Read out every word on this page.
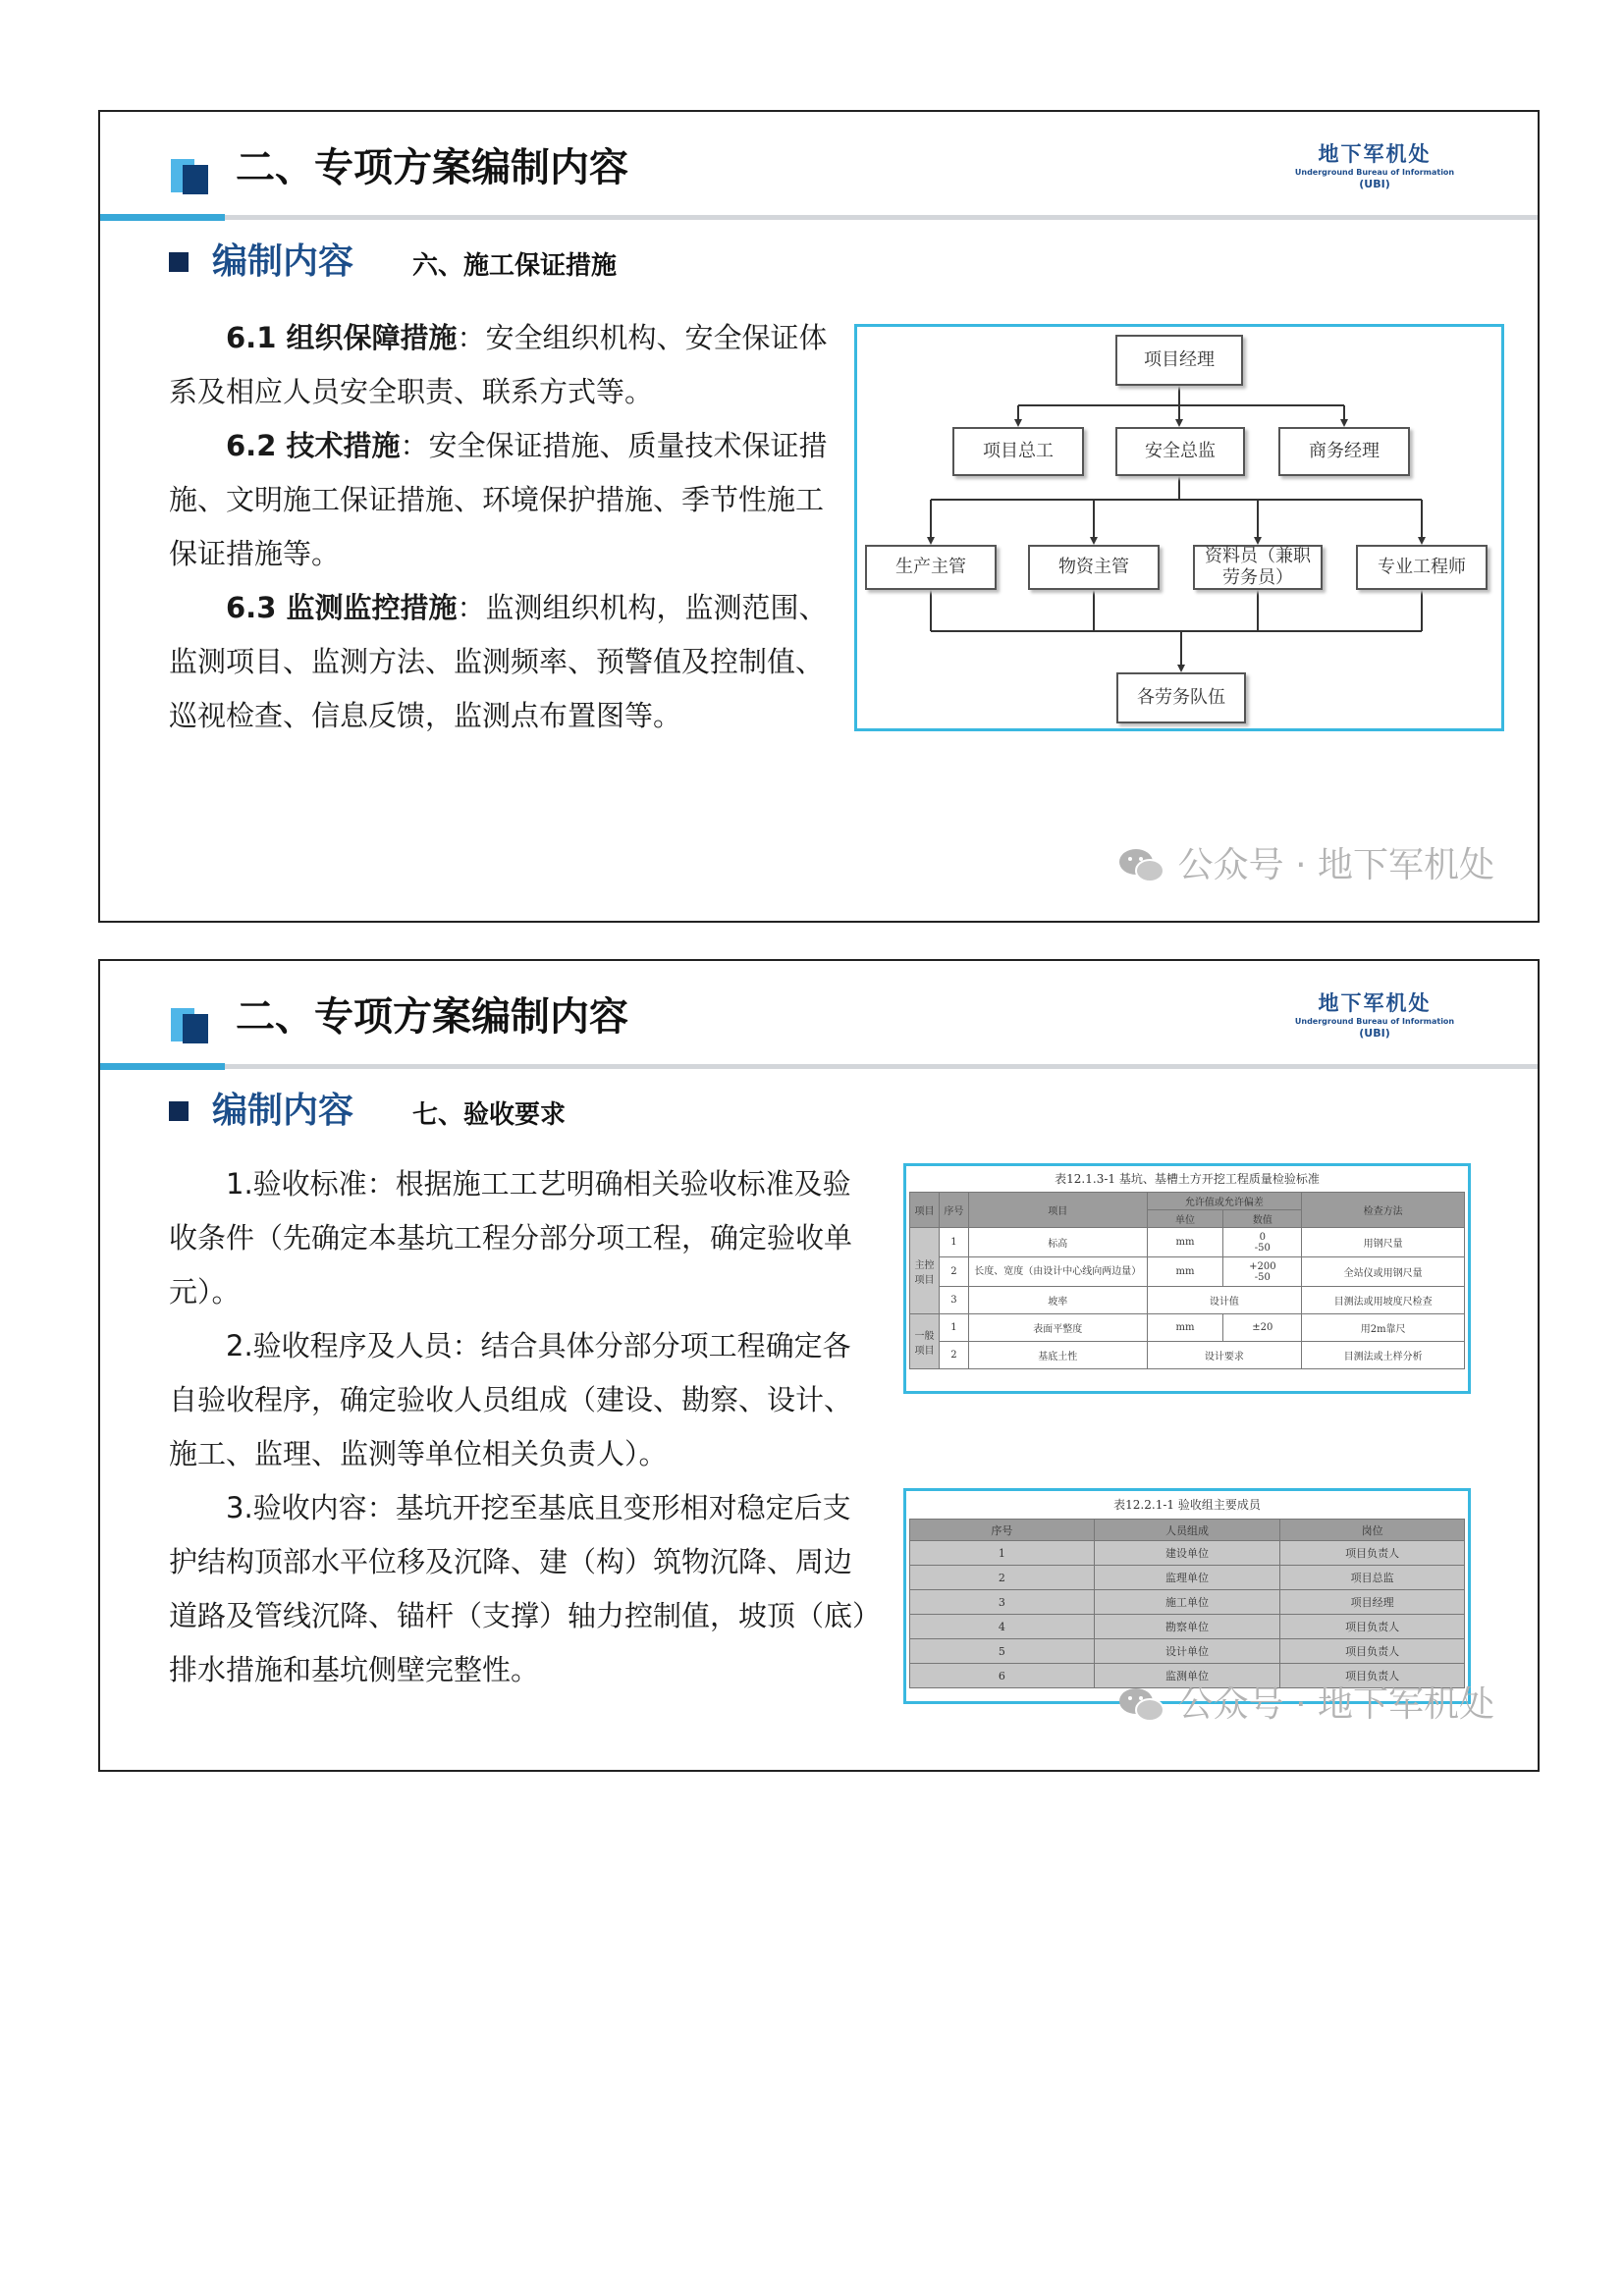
二、专项方案编制内容	地下军机处
Underground Bureau of Information
(UBI)
编制内容 六、施工保证措施

6.1 组织保障措施：安全组织机构、安全保证体系及相应人员安全职责、联系方式等。

6.2 技术措施：安全保证措施、质量技术保证措施、文明施工保证措施、环境保护措施、季节性施工保证措施等。

6.3 监测监控措施：监测组织机构，监测范围、监测项目、监测方法、监测频率、预警值及控制值、巡视检查、信息反馈，监测点布置图等。

项目经理
项目总工	安全总监	商务经理
生产主管	物资主管
资料员（兼职劳务员）
专业工程师
各劳务队伍
公众号 · 地下军机处
二、专项方案编制内容	地下军机处
Underground Bureau of Information
(UBI)
编制内容 七、验收要求

1.验收标准：根据施工工艺明确相关验收标准及验收条件（先确定本基坑工程分部分项工程，确定验收单元）。

2.验收程序及人员：结合具体分部分项工程确定各自验收程序，确定验收人员组成（建设、勘察、设计、施工、监理、监测等单位相关负责人）。

3.验收内容：基坑开挖至基底且变形相对稳定后支护结构顶部水平位移及沉降、建（构）筑物沉降、周边道路及管线沉降、锚杆（支撑）轴力控制值，坡顶（底）排水措施和基坑侧壁完整性。

表12.1.3-1 基坑、基槽土方开挖工程质量检验标准
项目	序号	项目	允许值或允许偏差		检查方法
			单位	数值	
主控项目	1	标高	mm	0
-50	用钢尺量
	2	长度、宽度（由设计中心线向两边量）	mm	+200
-50	全站仪或用钢尺量
	3	坡率	设计值		目测法或用坡度尺检查
一般项目	1	表面平整度	mm	±20	用2m靠尺
	2	基底土性	设计要求		目测法或土样分析
表12.2.1-1 验收组主要成员
序号	人员组成	岗位
1	建设单位	项目负责人
2	监理单位	项目总监
3	施工单位	项目经理
4	勘察单位	项目负责人
5	设计单位	项目负责人
6	监测单位	项目负责人
公众号 · 地下军机处
